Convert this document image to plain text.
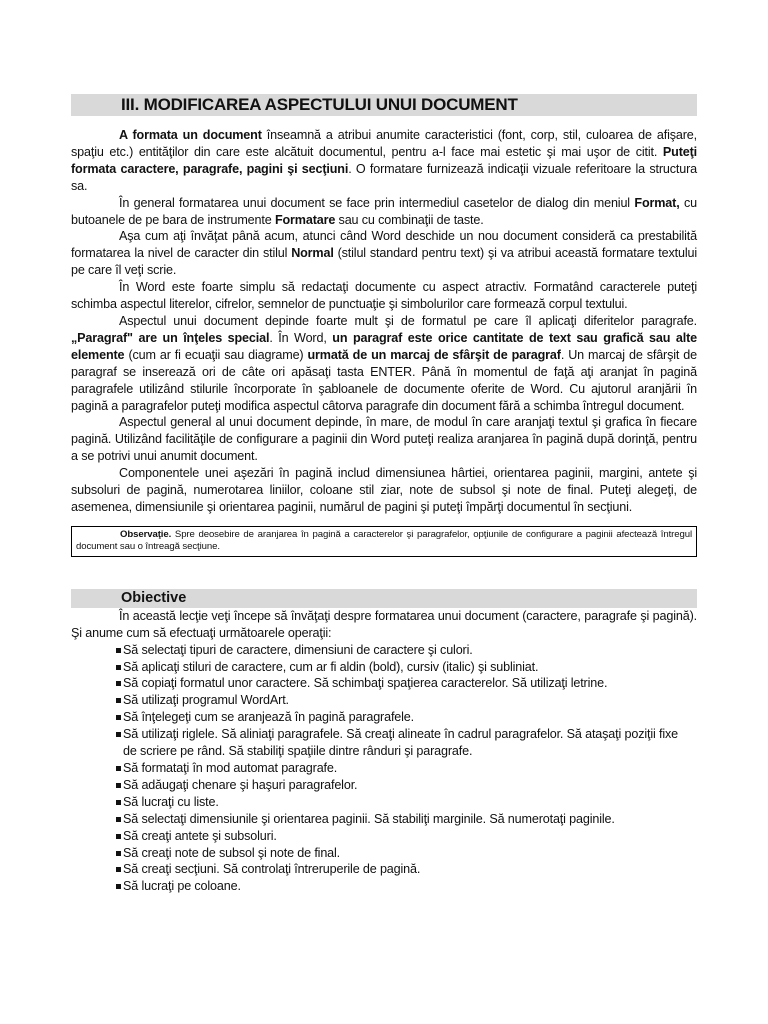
III. MODIFICAREA ASPECTULUI UNUI DOCUMENT

A formata un document înseamnă a atribui anumite caracteristici (font, corp, stil, culoarea de afişare, spaţiu etc.) entităţilor din care este alcătuit documentul, pentru a-l face mai estetic şi mai uşor de citit. Puteţi formata caractere, paragrafe, pagini şi secţiuni. O formatare furnizează indicaţii vizuale referitoare la structura sa.

În general formatarea unui document se face prin intermediul casetelor de dialog din meniul Format, cu butoanele de pe bara de instrumente Formatare sau cu combinaţii de taste.

Aşa cum aţi învăţat până acum, atunci când Word deschide un nou document consideră ca prestabilită formatarea la nivel de caracter din stilul Normal (stilul standard pentru text) şi va atribui această formatare textului pe care îl veţi scrie.

În Word este foarte simplu să redactaţi documente cu aspect atractiv. Formatând caracterele puteţi schimba aspectul literelor, cifrelor, semnelor de punctuaţie şi simbolurilor care formează corpul textului.

Aspectul unui document depinde foarte mult şi de formatul pe care îl aplicaţi diferitelor paragrafe. „Paragraf" are un înţeles special. În Word, un paragraf este orice cantitate de text sau grafică sau alte elemente (cum ar fi ecuaţii sau diagrame) urmată de un marcaj de sfârşit de paragraf. Un marcaj de sfârşit de paragraf se inserează ori de câte ori apăsaţi tasta ENTER. Până în momentul de faţă aţi aranjat în pagină paragrafele utilizând stilurile încorporate în şabloanele de documente oferite de Word. Cu ajutorul aranjării în pagină a paragrafelor puteţi modifica aspectul câtorva paragrafe din document fără a schimba întregul document.

Aspectul general al unui document depinde, în mare, de modul în care aranjaţi textul şi grafica în fiecare pagină. Utilizând facilităţile de configurare a paginii din Word puteţi realiza aranjarea în pagină după dorinţă, pentru a se potrivi unui anumit document.

Componentele unei aşezări în pagină includ dimensiunea hârtiei, orientarea paginii, margini, antete şi subsoluri de pagină, numerotarea liniilor, coloane stil ziar, note de subsol şi note de final. Puteţi alegeţi, de asemenea, dimensiunile şi orientarea paginii, numărul de pagini şi puteţi împărţi documentul în secţiuni.

Observaţie. Spre deosebire de aranjarea în pagină a caracterelor şi paragrafelor, opţiunile de configurare a paginii afectează întregul document sau o întreagă secţiune.
Obiective
În această lecţie veţi începe să învăţaţi despre formatarea unui document (caractere, paragrafe şi pagină). Şi anume cum să efectuaţi următoarele operaţii:
Să selectaţi tipuri de caractere, dimensiuni de caractere şi culori.
Să aplicaţi stiluri de caractere, cum ar fi aldin (bold), cursiv (italic) şi subliniat.
Să copiaţi formatul unor caractere. Să schimbaţi spaţierea caracterelor. Să utilizaţi letrine.
Să utilizaţi programul WordArt.
Să înţelegeţi cum se aranjează în pagină paragrafele.
Să utilizaţi riglele. Să aliniaţi paragrafele. Să creaţi alineate în cadrul paragrafelor. Să ataşaţi poziţii fixe de scriere pe rând. Să stabiliţi spaţiile dintre rânduri şi paragrafe.
Să formataţi în mod automat paragrafe.
Să adăugaţi chenare şi haşuri paragrafelor.
Să lucraţi cu liste.
Să selectaţi dimensiunile şi orientarea paginii. Să stabiliţi marginile. Să numerotaţi paginile.
Să creaţi antete şi subsoluri.
Să creaţi note de subsol şi note de final.
Să creaţi secţiuni. Să controlaţi întreruperile de pagină.
Să lucraţi pe coloane.
